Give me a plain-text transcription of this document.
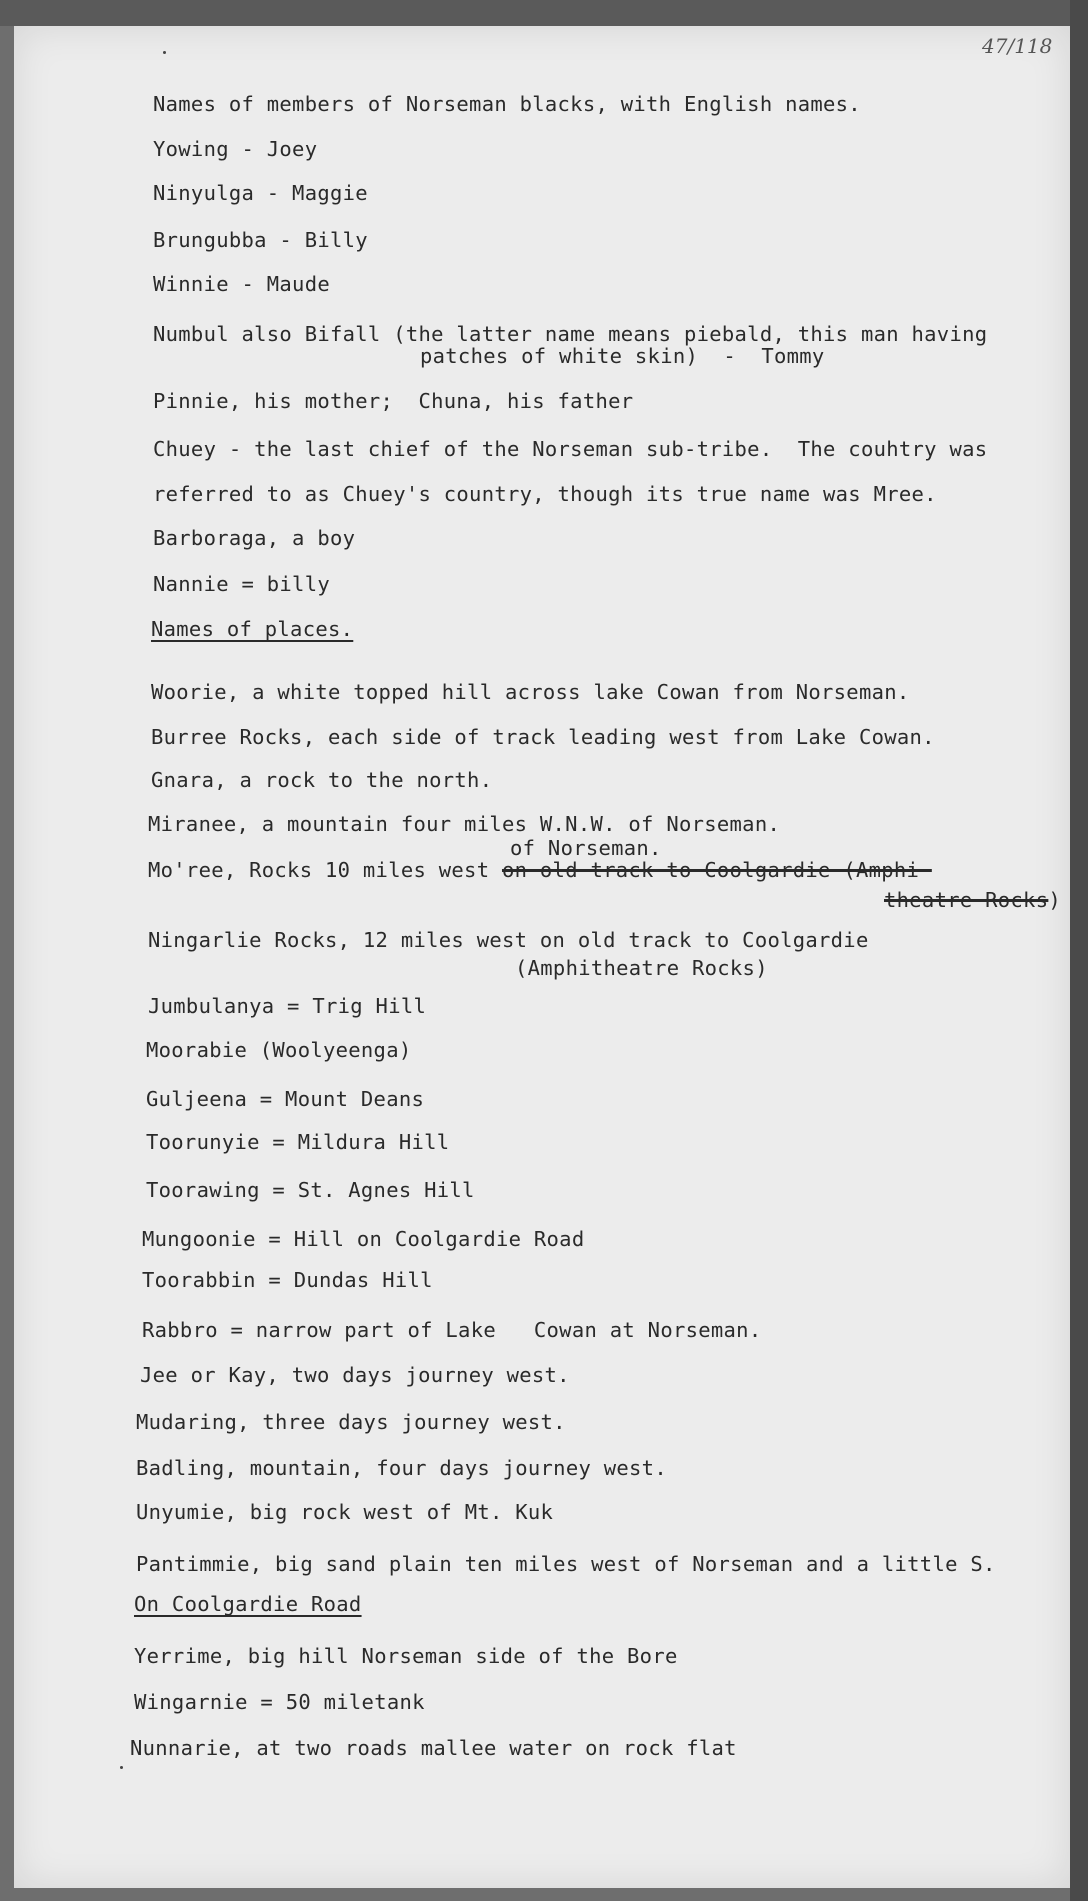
47/118
Names of members of Norseman blacks, with English names.
Yowing - Joey
Ninyulga - Maggie
Brungubba - Billy
Winnie - Maude
Numbul also Bifall (the latter name means piebald, this man having
patches of white skin)  -  Tommy
Pinnie, his mother;  Chuna, his father
Chuey - the last chief of the Norseman sub-tribe.  The couhtry was
referred to as Chuey's country, though its true name was Mree.
Barboraga, a boy
Nannie = billy
Names of places.
Woorie, a white topped hill across lake Cowan from Norseman.
Burree Rocks, each side of track leading west from Lake Cowan.
Gnara, a rock to the north.
Miranee, a mountain four miles W.N.W. of Norseman.
of Norseman.
Mo'ree, Rocks 10 miles west on old track to Coolgardie (Amphi-
theatre Rocks)
Ningarlie Rocks, 12 miles west on old track to Coolgardie
(Amphitheatre Rocks)
Jumbulanya = Trig Hill
Moorabie (Woolyeenga)
Guljeena = Mount Deans
Toorunyie = Mildura Hill
Toorawing = St. Agnes Hill
Mungoonie = Hill on Coolgardie Road
Toorabbin = Dundas Hill
Rabbro = narrow part of Lake   Cowan at Norseman.
Jee or Kay, two days journey west.
Mudaring, three days journey west.
Badling, mountain, four days journey west.
Unyumie, big rock west of Mt. Kuk
Pantimmie, big sand plain ten miles west of Norseman and a little S.
On Coolgardie Road
Yerrime, big hill Norseman side of the Bore
Wingarnie = 50 miletank
Nunnarie, at two roads mallee water on rock flat
